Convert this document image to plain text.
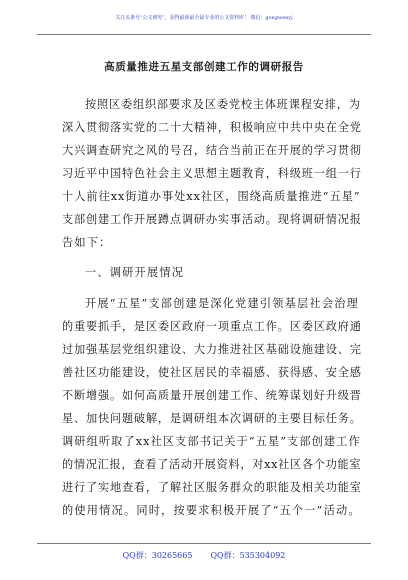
关注头条号“公文研究”，获得最新最全最专业的公文资料库！ 微信：gongwenyj
高质量推进五星支部创建工作的调研报告
按照区委组织部要求及区委党校主体班课程安排，为
深入贯彻落实党的二十大精神，积极响应中共中央在全党
大兴调查研究之风的号召，结合当前正在开展的学习贯彻
习近平中国特色社会主义思想主题教育，科级班一组一行
十人前往xx街道办事处xx社区，围绕高质量推进“五星”
支部创建工作开展蹲点调研办实事活动。现将调研情况报
告如下：
一、调研开展情况
开展“五星”支部创建是深化党建引领基层社会治理
的重要抓手，是区委区政府一项重点工作。区委区政府通
过加强基层党组织建设、大力推进社区基础设施建设、完
善社区功能建设，使社区居民的幸福感、获得感、安全感
不断增强。如何高质量开展创建工作、统筹谋划好升级晋
星、加快问题破解，是调研组本次调研的主要目标任务。
调研组听取了xx社区支部书记关于“五星”支部创建工作
的情况汇报，查看了活动开展资料，对xx社区各个功能室
进行了实地查看，了解社区服务群众的职能及相关功能室
的使用情况。同时，按要求积极开展了“五个一”活动。
QQ群：30265665 QQ群：535304092
